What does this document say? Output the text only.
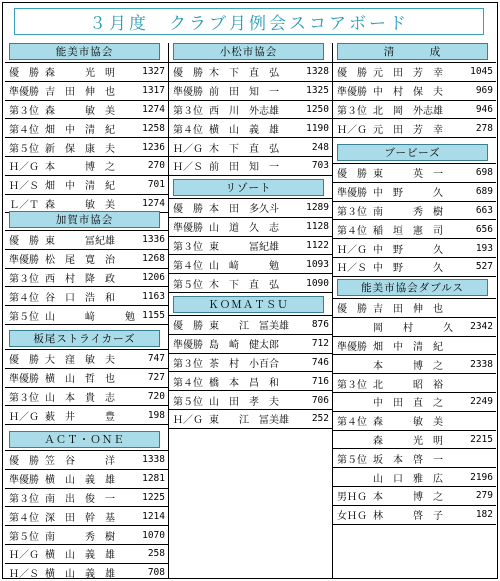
３月度　クラブ月例会スコアボード
能美市協会
優　勝 森　　　光　明	1327
準優勝 吉　田　伸　也	1317
第３位 森　　　敏　美	1274
第４位 畑　中　清　紀	1258
第５位 新　保　康　夫	1236
Ｈ／Ｇ 本　　　博　之	270
Ｈ／Ｓ 畑　中　清　紀	701
Ｌ／Ｔ 森　　　敏　美	1274
加賀市協会
優　勝 東　　　冨紀雄	1336
準優勝 松　尾　寛　治	1268
第３位 西　村　降　政	1206
第４位 谷　口　浩　和	1163
第５位 山　　　﨑　　　勉 1155
板尾ストライカーズ
優　勝 大　窪　敏　夫	747
準優勝 横　山　哲　也	727
第３位 山　本　貴　志	720
Ｈ／Ｇ 薮　井　　　豊	198
ＡＣＴ・ＯＮＥ
優　勝 笠　谷　　　洋	1338
準優勝 横　山　義　雄	1281
第３位 南　出　俊　一	1225
第４位 深　田　幹　基	1214
第５位 南　　　秀　樹	1070
Ｈ／Ｇ 横　山　義　雄	258
Ｈ／Ｓ 横　山　義　雄	708
小松市協会
優　勝 木　下　直　弘	1328
準優勝 前　田　知　一	1325
第３位 西　川　外志雄	1250
第４位 横　山　義　雄	1190
Ｈ／Ｇ 木　下　直　弘	248
Ｈ／Ｓ 前　田　知　一	703
リゾート
優　勝 本　田　多久斗	1289
準優勝 山　道　久　志	1128
第３位 東　　　冨紀雄	1122
第４位 山　﨑　　　勉	1093
第５位 木　下　直　弘	1090
ＫＯＭＡＴＳＵ
優　勝 東　　江　冨美雄	876
準優勝 島　崎　健太郎	712
第３位 茶　村　小百合	746
第４位 橋　本　昌　和	716
第５位 山　田　孝　夫	706
Ｈ／Ｇ 東　　江　冨美雄	252
清　　　成
優　勝 元　田　芳　幸	1045
準優勝 中　村　保　夫	969
第３位 北　岡　外志雄	946
Ｈ／Ｇ 元　田　芳　幸	278
ブービーズ
優　勝 東　　　英　一	698
準優勝 中　野　　　久	689
第３位 南　　　秀　樹	663
第４位 稲　垣　憲　司	656
Ｈ／Ｇ 中　野　　　久	193
Ｈ／Ｓ 中　野　　　久	527
能美市協会ダブルス
優　勝 吉　田　伸　也
岡　　村　　　久	2342
準優勝 畑　中　清　紀
本　　　博　之	2338
第３位 北　　　昭　裕
中　田　直　之	2249
第４位 森　　　敏　美
森　　　光　明	2215
第５位 坂　本　啓　一
山　口　雅　広	2196
男ＨＧ 本　　　博　之	279
女ＨＧ 林　　　啓　子	182
